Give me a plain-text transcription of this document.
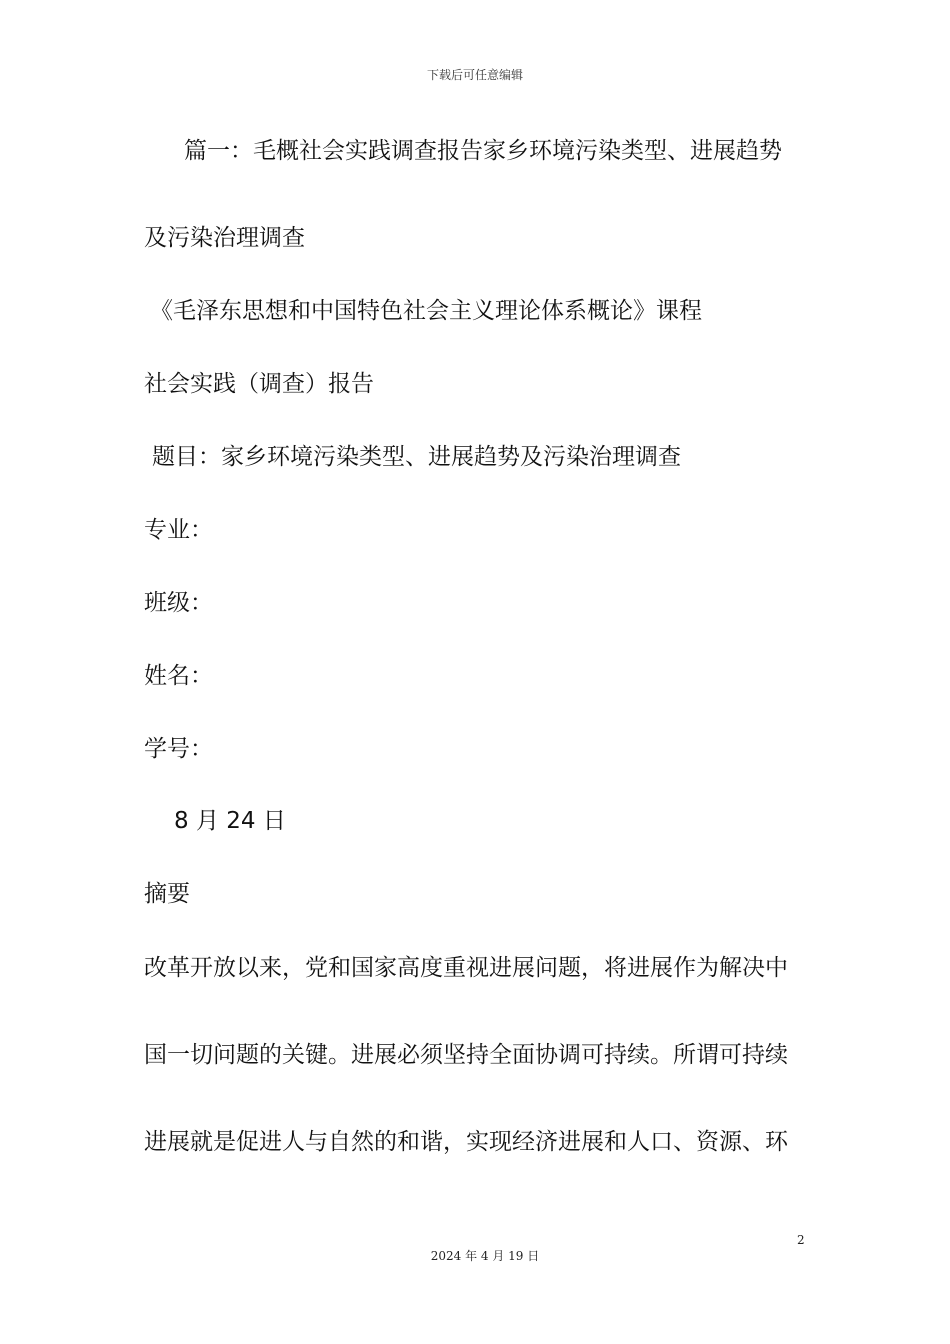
下载后可任意编辑
篇一：毛概社会实践调查报告家乡环境污染类型、进展趋势
及污染治理调查
《毛泽东思想和中国特色社会主义理论体系概论》课程
社会实践（调查）报告
题目：家乡环境污染类型、进展趋势及污染治理调查
专业：
班级：
姓名：
学号：
8 月 24 日
摘要
改革开放以来，党和国家高度重视进展问题，将进展作为解决中
国一切问题的关键。进展必须坚持全面协调可持续。所谓可持续
进展就是促进人与自然的和谐，实现经济进展和人口、资源、环
2
2024 年 4 月 19 日
